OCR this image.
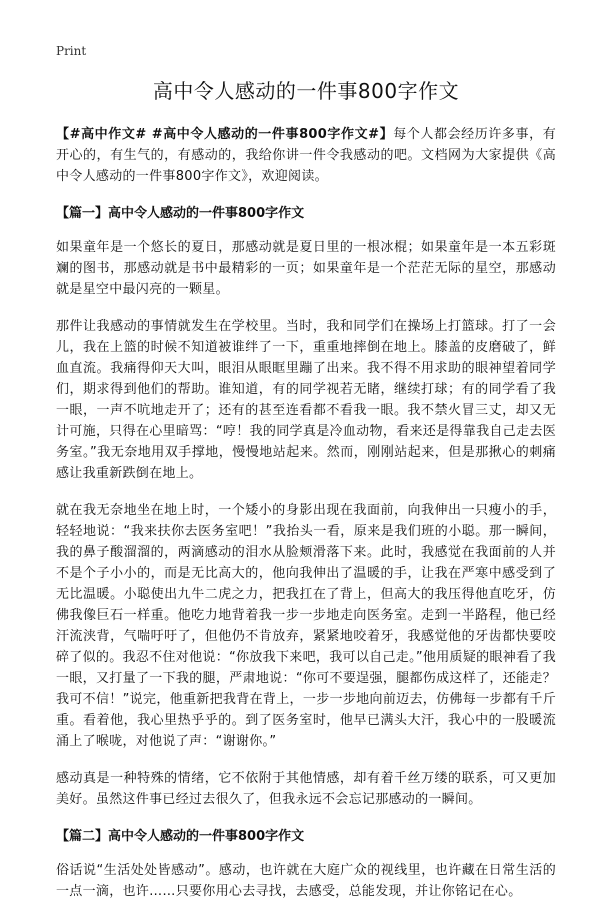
Print
高中令人感动的一件事800字作文

【#高中作文# #高中令人感动的一件事800字作文#】每个人都会经历许多事，有开心的，有生气的，有感动的，我给你讲一件令我感动的吧。文档网为大家提供《高中令人感动的一件事800字作文》，欢迎阅读。

【篇一】高中令人感动的一件事800字作文

如果童年是一个悠长的夏日，那感动就是夏日里的一根冰棍；如果童年是一本五彩斑斓的图书，那感动就是书中最精彩的一页；如果童年是一个茫茫无际的星空，那感动就是星空中最闪亮的一颗星。

那件让我感动的事情就发生在学校里。当时，我和同学们在操场上打篮球。打了一会儿，我在上篮的时候不知道被谁绊了一下，重重地摔倒在地上。膝盖的皮磨破了，鲜血直流。我痛得仰天大叫，眼泪从眼眶里蹦了出来。我不得不用求助的眼神望着同学们，期求得到他们的帮助。谁知道，有的同学视若无睹，继续打球；有的同学看了我一眼，一声不吭地走开了；还有的甚至连看都不看我一眼。我不禁火冒三丈，却又无计可施，只得在心里暗骂：“哼！我的同学真是冷血动物，看来还是得靠我自己走去医务室。”我无奈地用双手撑地，慢慢地站起来。然而，刚刚站起来，但是那揪心的刺痛感让我重新跌倒在地上。

就在我无奈地坐在地上时，一个矮小的身影出现在我面前，向我伸出一只瘦小的手，轻轻地说：“我来扶你去医务室吧！”我抬头一看，原来是我们班的小聪。那一瞬间，我的鼻子酸溜溜的，两滴感动的泪水从脸颊滑落下来。此时，我感觉在我面前的人并不是个子小小的，而是无比高大的，他向我伸出了温暖的手，让我在严寒中感受到了无比温暖。小聪使出九牛二虎之力，把我扛在了背上，但高大的我压得他直吃牙，仿佛我像巨石一样重。他吃力地背着我一步一步地走向医务室。走到一半路程，他已经汗流浃背，气喘吁吁了，但他仍不肯放弃，紧紧地咬着牙，我感觉他的牙齿都快要咬碎了似的。我忍不住对他说：“你放我下来吧，我可以自己走。”他用质疑的眼神看了我一眼，又打量了一下我的腿，严肃地说：“你可不要逞强，腿都伤成这样了，还能走？我可不信！”说完，他重新把我背在背上，一步一步地向前迈去，仿佛每一步都有千斤重。看着他，我心里热乎乎的。到了医务室时，他早已满头大汗，我心中的一股暖流涌上了喉咙，对他说了声：“谢谢你。”

感动真是一种特殊的情绪，它不依附于其他情感，却有着千丝万缕的联系，可又更加美好。虽然这件事已经过去很久了，但我永远不会忘记那感动的一瞬间。

【篇二】高中令人感动的一件事800字作文

俗话说“生活处处皆感动”。感动，也许就在大庭广众的视线里，也许藏在日常生活的一点一滴，也许……只要你用心去寻找，去感受，总能发现，并让你铭记在心。
